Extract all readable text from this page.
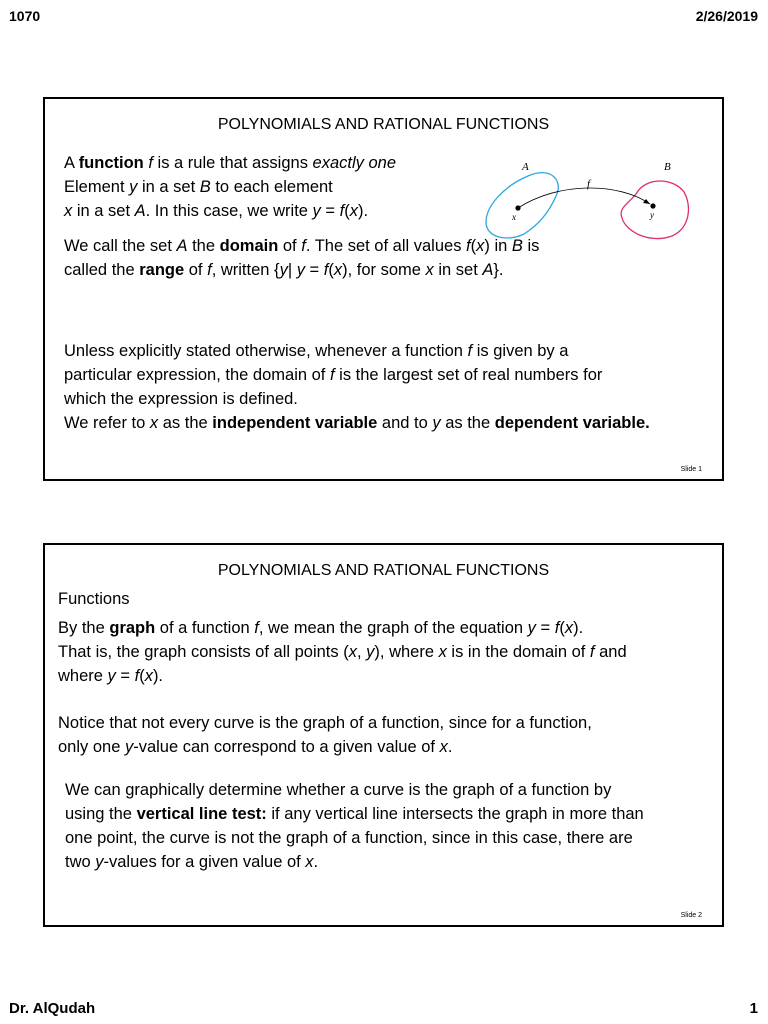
1070	2/26/2019
Dr. AlQudah	1
POLYNOMIALS AND RATIONAL FUNCTIONS
A function f is a rule that assigns exactly one
Element y in a set B to each element
x in a set A. In this case, we write y = f(x).
A	B
f
x	y
We call the set A the domain of f. The set of all values f(x) in B is
called the range of f, written {y| y = f(x), for some x in set A}.
Unless explicitly stated otherwise, whenever a function f is given by a
particular expression, the domain of f is the largest set of real numbers for
which the expression is defined.
We refer to x as the independent variable and to y as the dependent variable.
Slide 1
POLYNOMIALS AND RATIONAL FUNCTIONS
Functions
By the graph of a function f, we mean the graph of the equation y = f(x).
That is, the graph consists of all points (x, y), where x is in the domain of f and
where y = f(x).
Notice that not every curve is the graph of a function, since for a function,
only one y-value can correspond to a given value of x.
We can graphically determine whether a curve is the graph of a function by
using the vertical line test: if any vertical line intersects the graph in more than
one point, the curve is not the graph of a function, since in this case, there are
two y-values for a given value of x.
Slide 2
